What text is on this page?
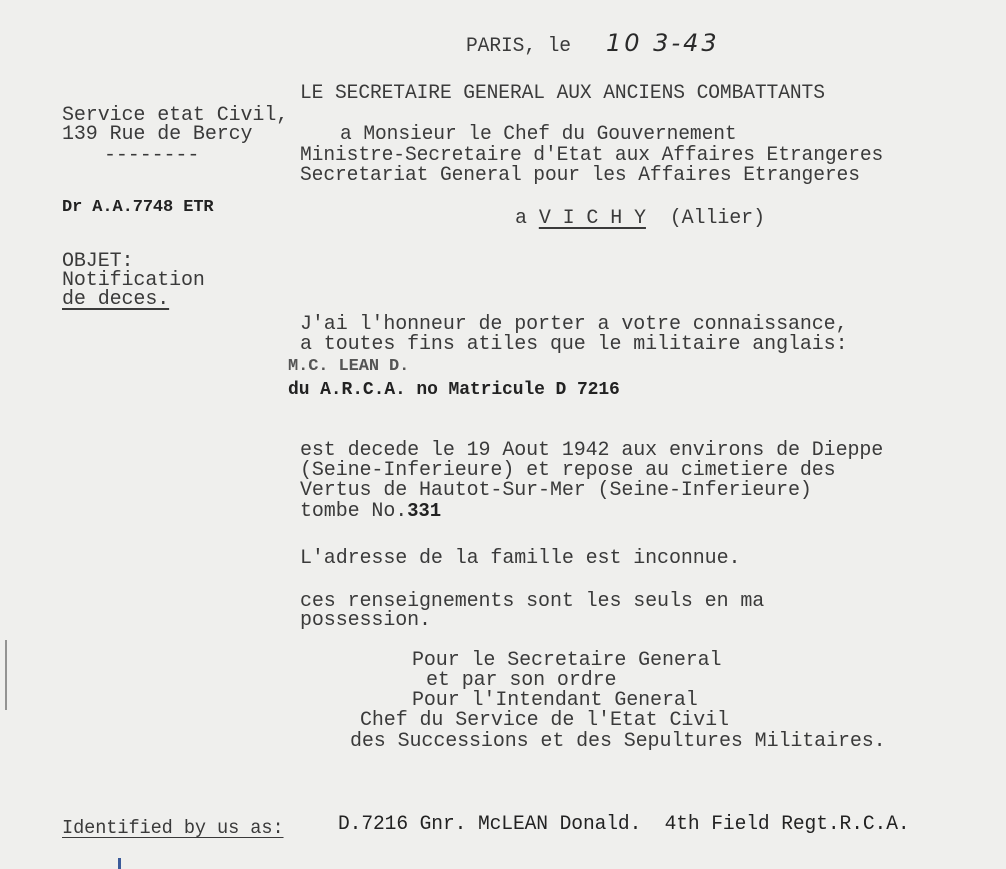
PARIS, le 10 3-43
LE SECRETAIRE GENERAL AUX ANCIENS COMBATTANTS
Service etat Civil,
139 Rue de Bercy
--------
Dr A.A.7748 ETR
a Monsieur le Chef du Gouvernement
Ministre-Secretaire d'Etat aux Affaires Etrangeres
Secretariat General pour les Affaires Etrangeres
a V I C H Y (Allier)
OBJET:
Notification
de deces.
J'ai l'honneur de porter a votre connaissance,
a toutes fins atiles que le militaire anglais:
M.C. LEAN D.
du A.R.C.A. no Matricule D 7216
est decede le 19 Aout 1942 aux environs de Dieppe
(Seine-Inferieure) et repose au cimetiere des
Vertus de Hautot-Sur-Mer (Seine-Inferieure)
tombe No.331
L'adresse de la famille est inconnue.
ces renseignements sont les seuls en ma
possession.
Pour le Secretaire General
et par son ordre
Pour l'Intendant General
Chef du Service de l'Etat Civil
des Successions et des Sepultures Militaires.
Identified by us as:	D.7216 Gnr. McLEAN Donald.  4th Field Regt.R.C.A.
